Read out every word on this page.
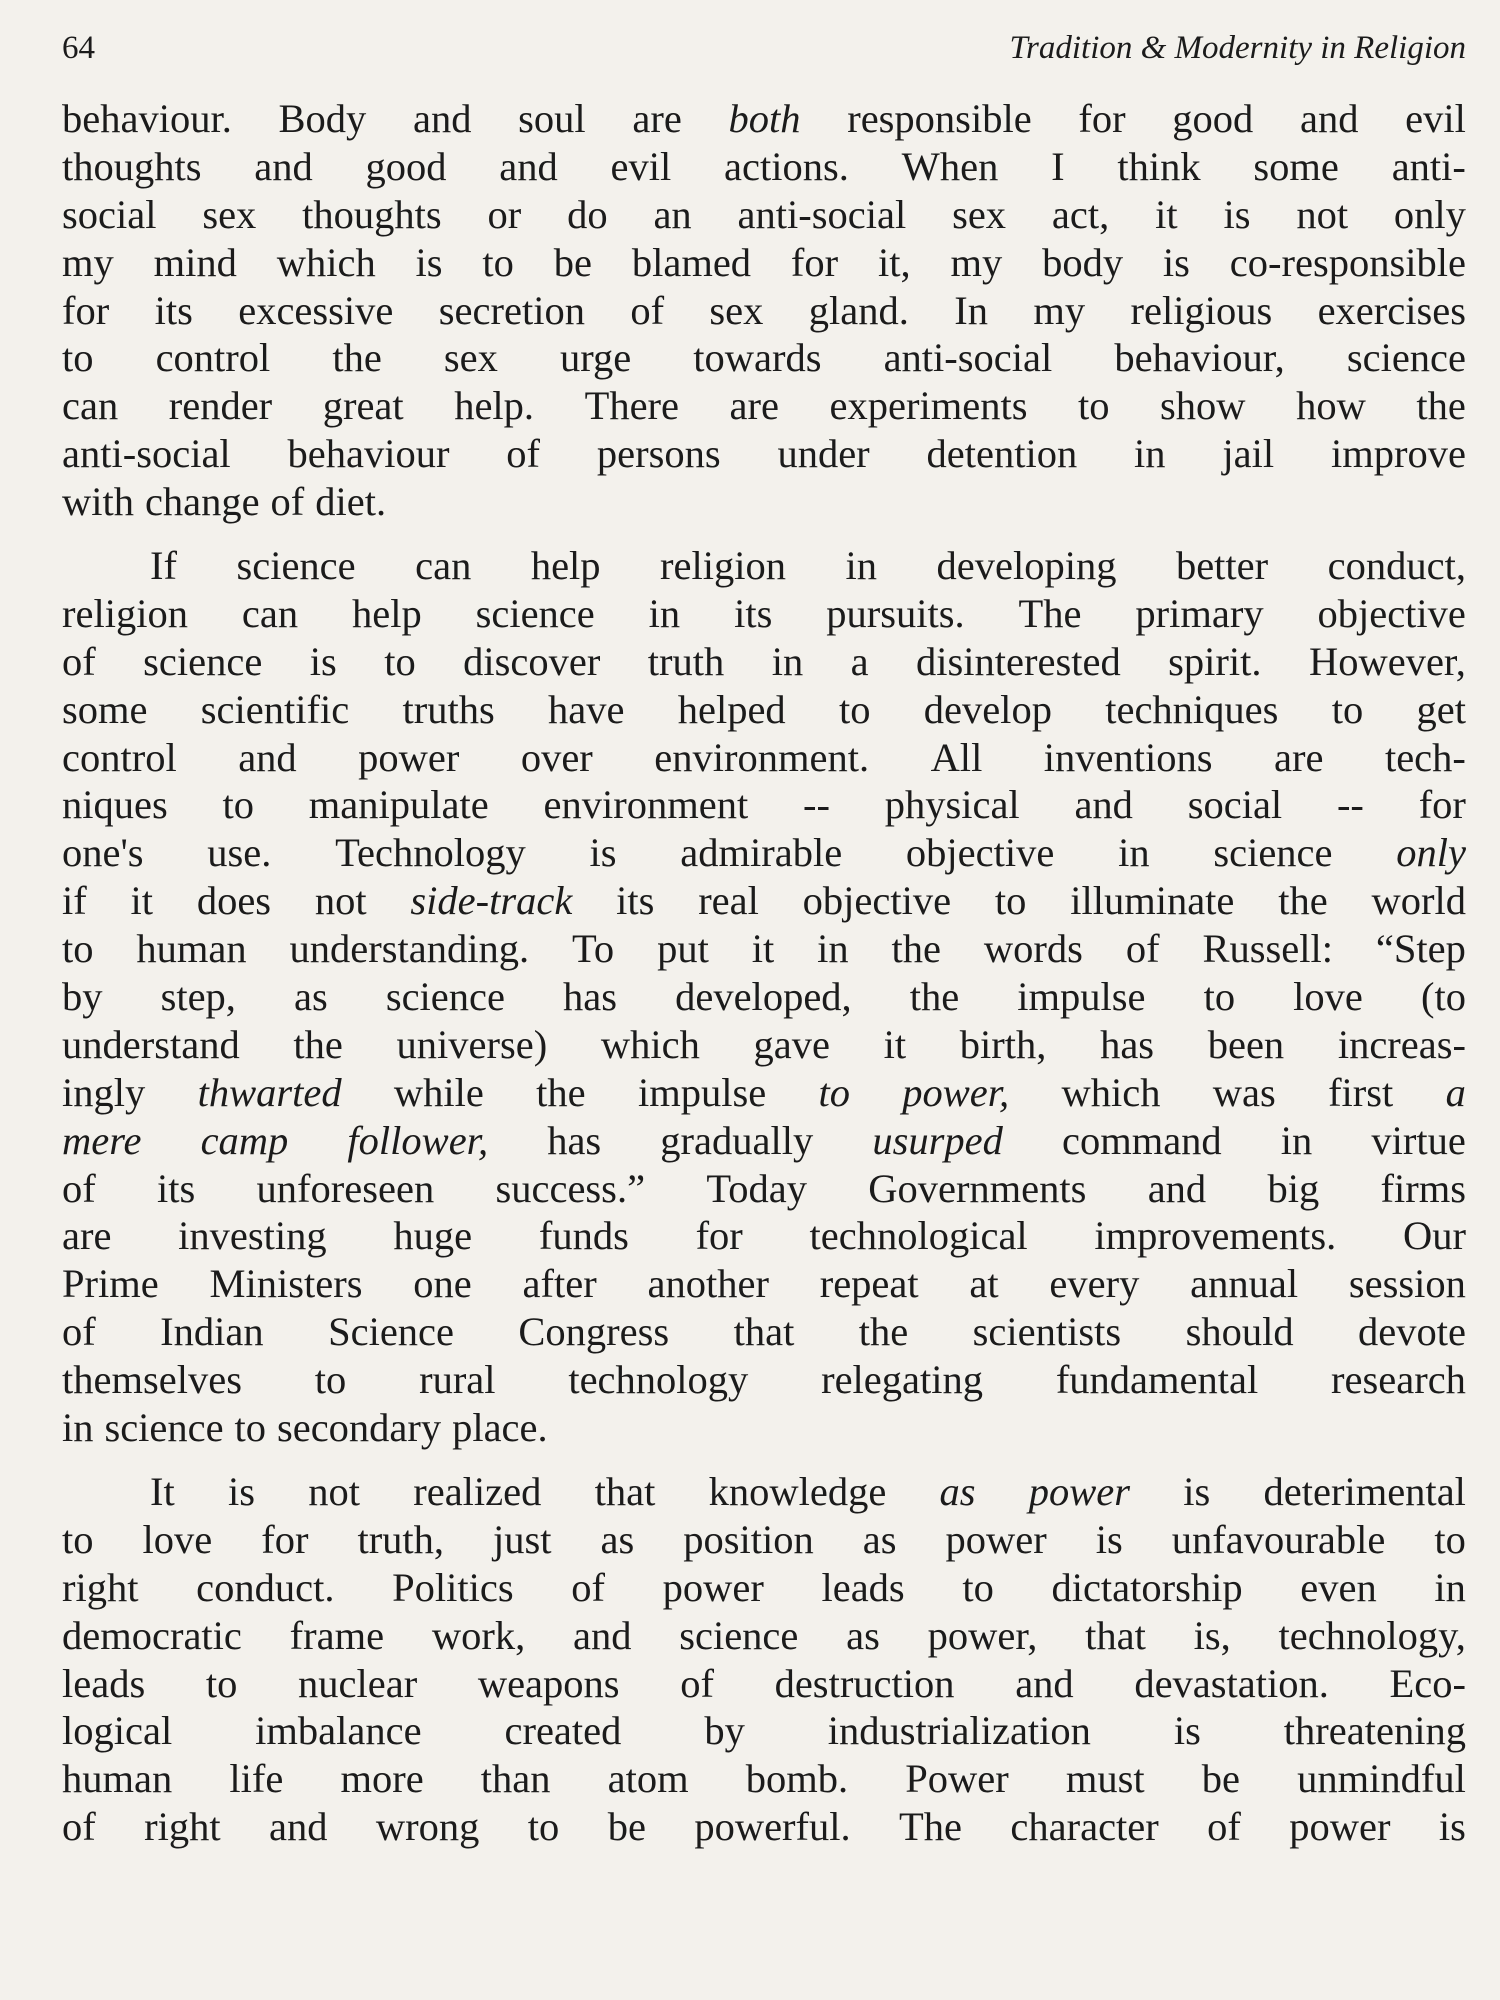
64	Tradition & Modernity in Religion
behaviour. Body and soul are both responsible for good and evil
thoughts and good and evil actions. When I think some anti-
social sex thoughts or do an anti-social sex act, it is not only
my mind which is to be blamed for it, my body is co-responsible
for its excessive secretion of sex gland. In my religious exercises
to control the sex urge towards anti-social behaviour, science
can render great help. There are experiments to show how the
anti-social behaviour of persons under detention in jail improve
with change of diet.
If science can help religion in developing better conduct,
religion can help science in its pursuits. The primary objective
of science is to discover truth in a disinterested spirit. However,
some scientific truths have helped to develop techniques to get
control and power over environment. All inventions are tech-
niques to manipulate environment -- physical and social -- for
one's use. Technology is admirable objective in science only
if it does not side-track its real objective to illuminate the world
to human understanding. To put it in the words of Russell: “Step
by step, as science has developed, the impulse to love (to
understand the universe) which gave it birth, has been increas-
ingly thwarted while the impulse to power, which was first a
mere camp follower, has gradually usurped command in virtue
of its unforeseen success.” Today Governments and big firms
are investing huge funds for technological improvements. Our
Prime Ministers one after another repeat at every annual session
of Indian Science Congress that the scientists should devote
themselves to rural technology relegating fundamental research
in science to secondary place.
It is not realized that knowledge as power is deterimental
to love for truth, just as position as power is unfavourable to
right conduct. Politics of power leads to dictatorship even in
democratic frame work, and science as power, that is, technology,
leads to nuclear weapons of destruction and devastation. Eco-
logical imbalance created by industrialization is threatening
human life more than atom bomb. Power must be unmindful
of right and wrong to be powerful. The character of power is
